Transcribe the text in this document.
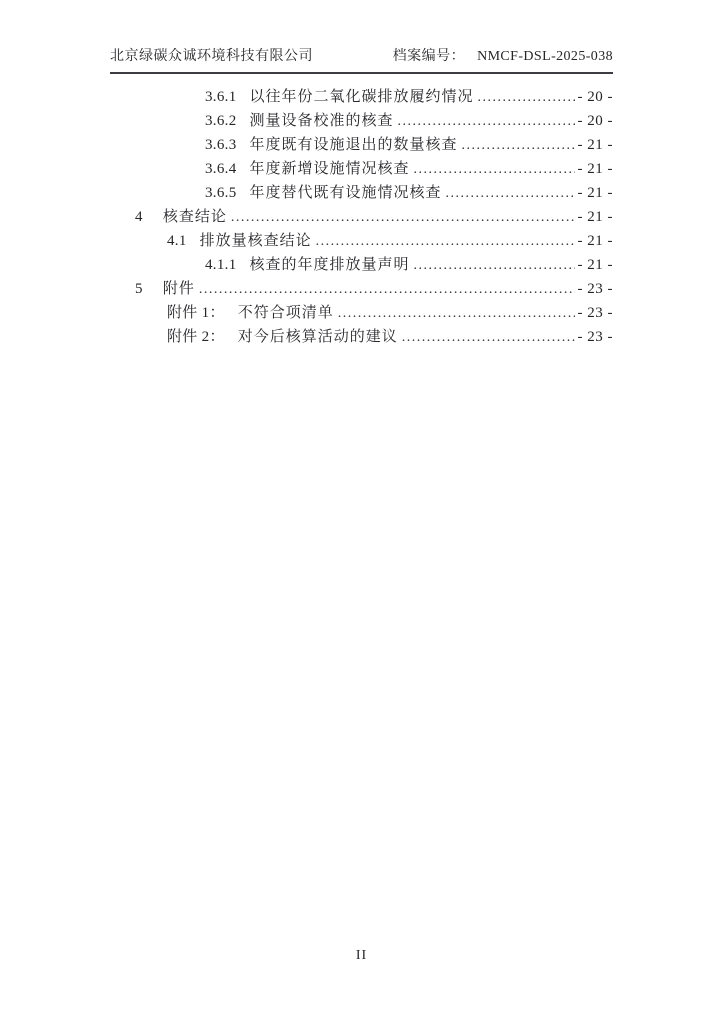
北京绿碳众诚环境科技有限公司	档案编号： NMCF-DSL-2025-038
3.6.1 以往年份二氧化碳排放履约情况 .....	- 20 -
3.6.2 测量设备校准的核查 .....	- 20 -
3.6.3 年度既有设施退出的数量核查 .....	- 21 -
3.6.4 年度新增设施情况核查 .....	- 21 -
3.6.5 年度替代既有设施情况核查 .....	- 21 -
4 核查结论 .....	- 21 -
4.1 排放量核查结论 .....	- 21 -
4.1.1 核查的年度排放量声明 .....	- 21 -
5 附件 .....	- 23 -
附件 1： 不符合项清单 .....	- 23 -
附件 2： 对今后核算活动的建议 .....	- 23 -
II
